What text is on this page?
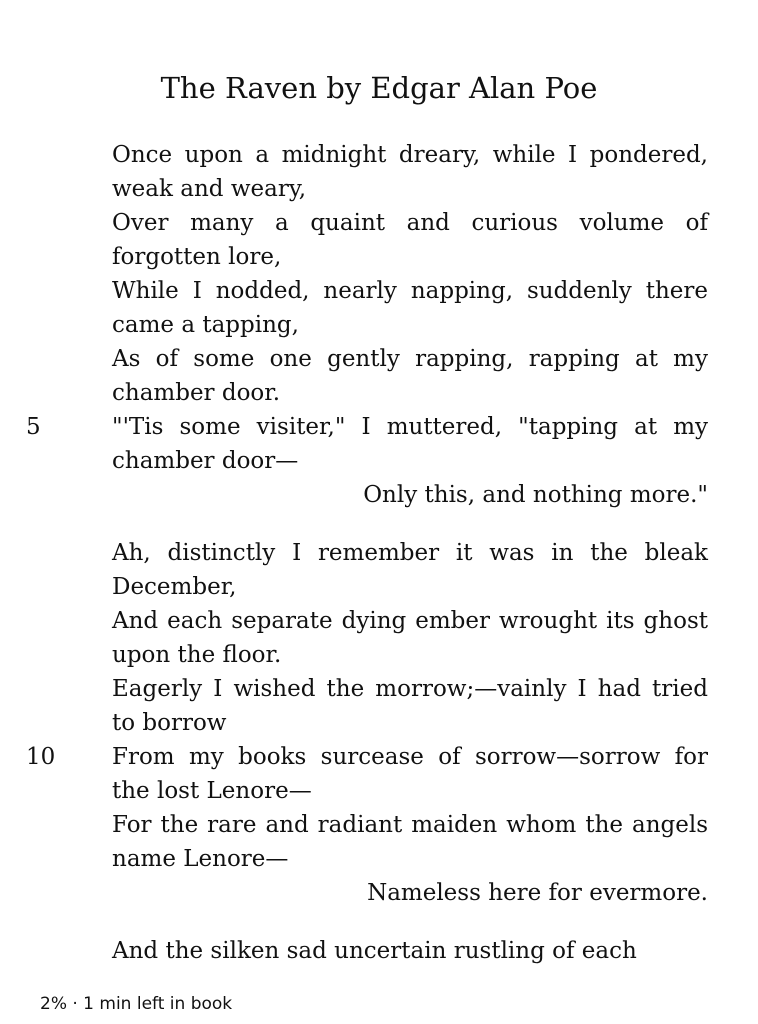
The Raven by Edgar Alan Poe
Once upon a midnight dreary, while I pondered, weak and weary,
Over many a quaint and curious volume of forgotten lore,
While I nodded, nearly napping, suddenly there came a tapping,
As of some one gently rapping, rapping at my chamber door.
5	"'Tis some visiter," I muttered, "tapping at my chamber door—
Only this, and nothing more."
Ah, distinctly I remember it was in the bleak December,
And each separate dying ember wrought its ghost upon the floor.
Eagerly I wished the morrow;—vainly I had tried to borrow
10 From my books surcease of sorrow—sorrow for the lost Lenore—
For the rare and radiant maiden whom the angels name Lenore—
Nameless here for evermore.
And the silken sad uncertain rustling of each
2% · 1 min left in book
